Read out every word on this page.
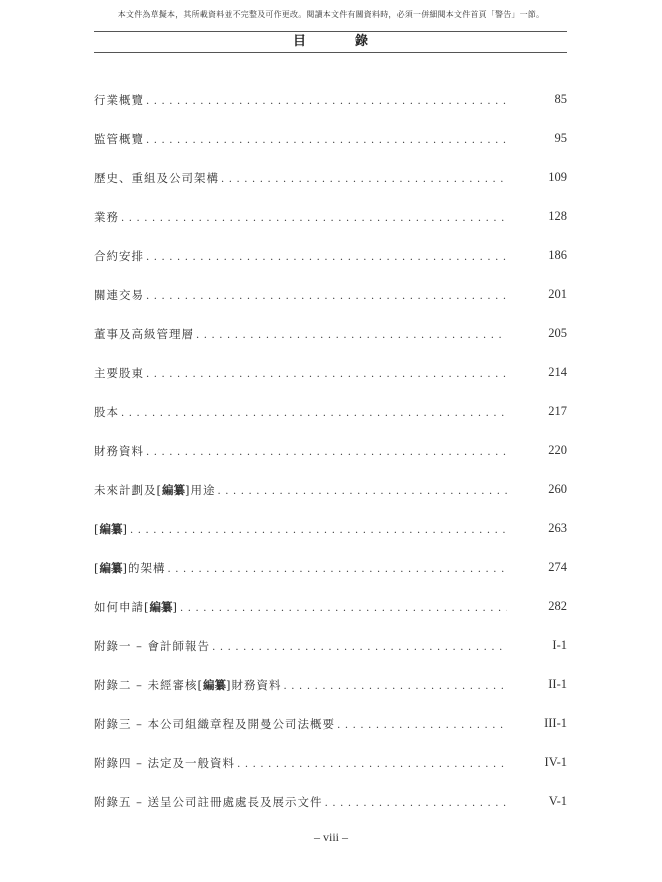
本文件為草擬本，其所載資料並不完整及可作更改。閱讀本文件有關資料時，必須一併細閱本文件首頁「警告」一節。
目　錄
行業概覽 . . .	85
監管概覽 . . .	95
歷史、重組及公司架構 . . .	109
業務 . . .	128
合約安排 . . .	186
關連交易 . . .	201
董事及高級管理層 . . .	205
主要股東 . . .	214
股本 . . .	217
財務資料 . . .	220
未來計劃及[編纂]用途 . . .	260
[編纂] . . .	263
[編纂]的架構 . . .	274
如何申請[編纂] . . .	282
附錄一 – 會計師報告 . . .	I-1
附錄二 – 未經審核[編纂]財務資料 . . .	II-1
附錄三 – 本公司組織章程及開曼公司法概要 . . .	III-1
附錄四 – 法定及一般資料 . . .	IV-1
附錄五 – 送呈公司註冊處處長及展示文件 . . .	V-1
– viii –
